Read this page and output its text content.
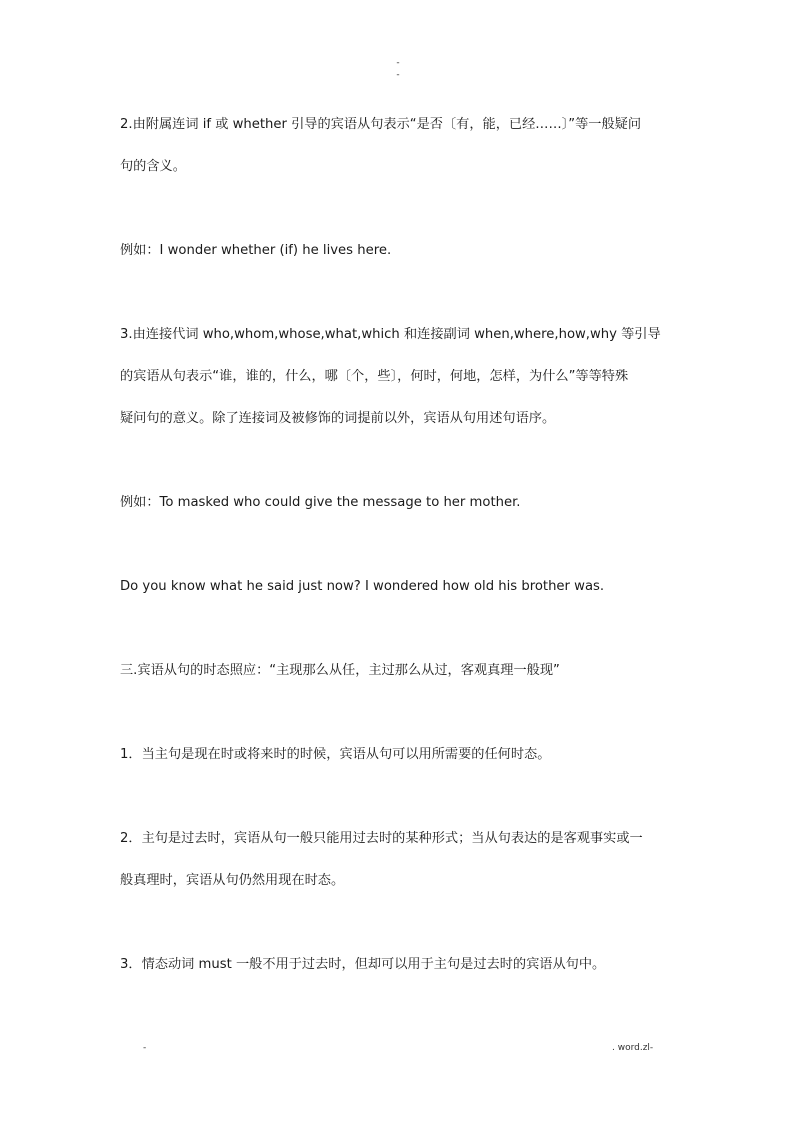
-
-

2.由附属连词 if 或 whether 引导的宾语从句表示“是否〔有，能，已经……〕”等一般疑问

句的含义。

例如：I wonder whether (if) he lives here.

3.由连接代词 who,whom,whose,what,which 和连接副词 when,where,how,why 等引导

的宾语从句表示“谁，谁的，什么，哪〔个，些〕，何时，何地，怎样，为什么”等等特殊

疑问句的意义。除了连接词及被修饰的词提前以外，宾语从句用述句语序。

例如：To masked who could give the message to her mother.

Do you know what he said just now? I wondered how old his brother was.

三.宾语从句的时态照应：“主现那么从任，主过那么从过，客观真理一般现”

1．当主句是现在时或将来时的时候，宾语从句可以用所需要的任何时态。

2．主句是过去时，宾语从句一般只能用过去时的某种形式；当从句表达的是客观事实或一

般真理时，宾语从句仍然用现在时态。

3．情态动词 must 一般不用于过去时，但却可以用于主句是过去时的宾语从句中。

-	. word.zl-
